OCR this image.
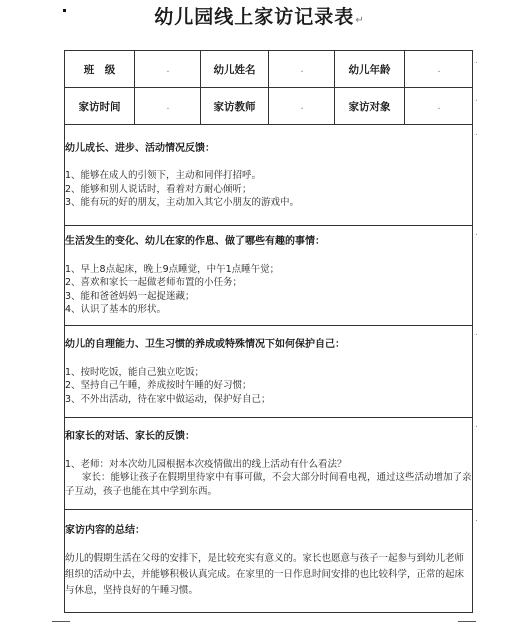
幼儿园线上家访记录表↵
班　级	.	幼儿姓名	.	幼儿年龄	.
家访时间	.	家访教师	.	家访对象	.

幼儿成长、进步、活动情况反馈：
1、能够在成人的引领下，主动和同伴打招呼。
2、能够和别人说话时，看着对方耐心倾听；
3、能有玩的好的朋友，主动加入其它小朋友的游戏中。					

生活发生的变化、幼儿在家的作息、做了哪些有趣的事情：
1、早上8点起床，晚上9点睡觉，中午1点睡午觉；
2、喜欢和家长一起做老师布置的小任务；
3、能和爸爸妈妈一起捉迷藏；
4、认识了基本的形状。					

幼儿的自理能力、卫生习惯的养成或特殊情况下如何保护自己：
1、按时吃饭，能自己独立吃饭；
2、坚持自己午睡，养成按时午睡的好习惯；
3、不外出活动，待在家中做运动，保护好自己；					

和家长的对话、家长的反馈：
1、老师：对本次幼儿园根据本次疫情做出的线上活动有什么看法？
家长：能够让孩子在假期里待家中有事可做，不会大部分时间看电视，通过这些活动增加了亲子互动，孩子也能在其中学到东西。					

家访内容的总结：
幼儿的假期生活在父母的安排下，是比较充实有意义的。家长也愿意与孩子一起参与到幼儿老师组织的活动中去，并能够积极认真完成。在家里的一日作息时间安排的也比较科学，正常的起床与休息，坚持良好的午睡习惯。					
.
.
.
.
.
.
.
